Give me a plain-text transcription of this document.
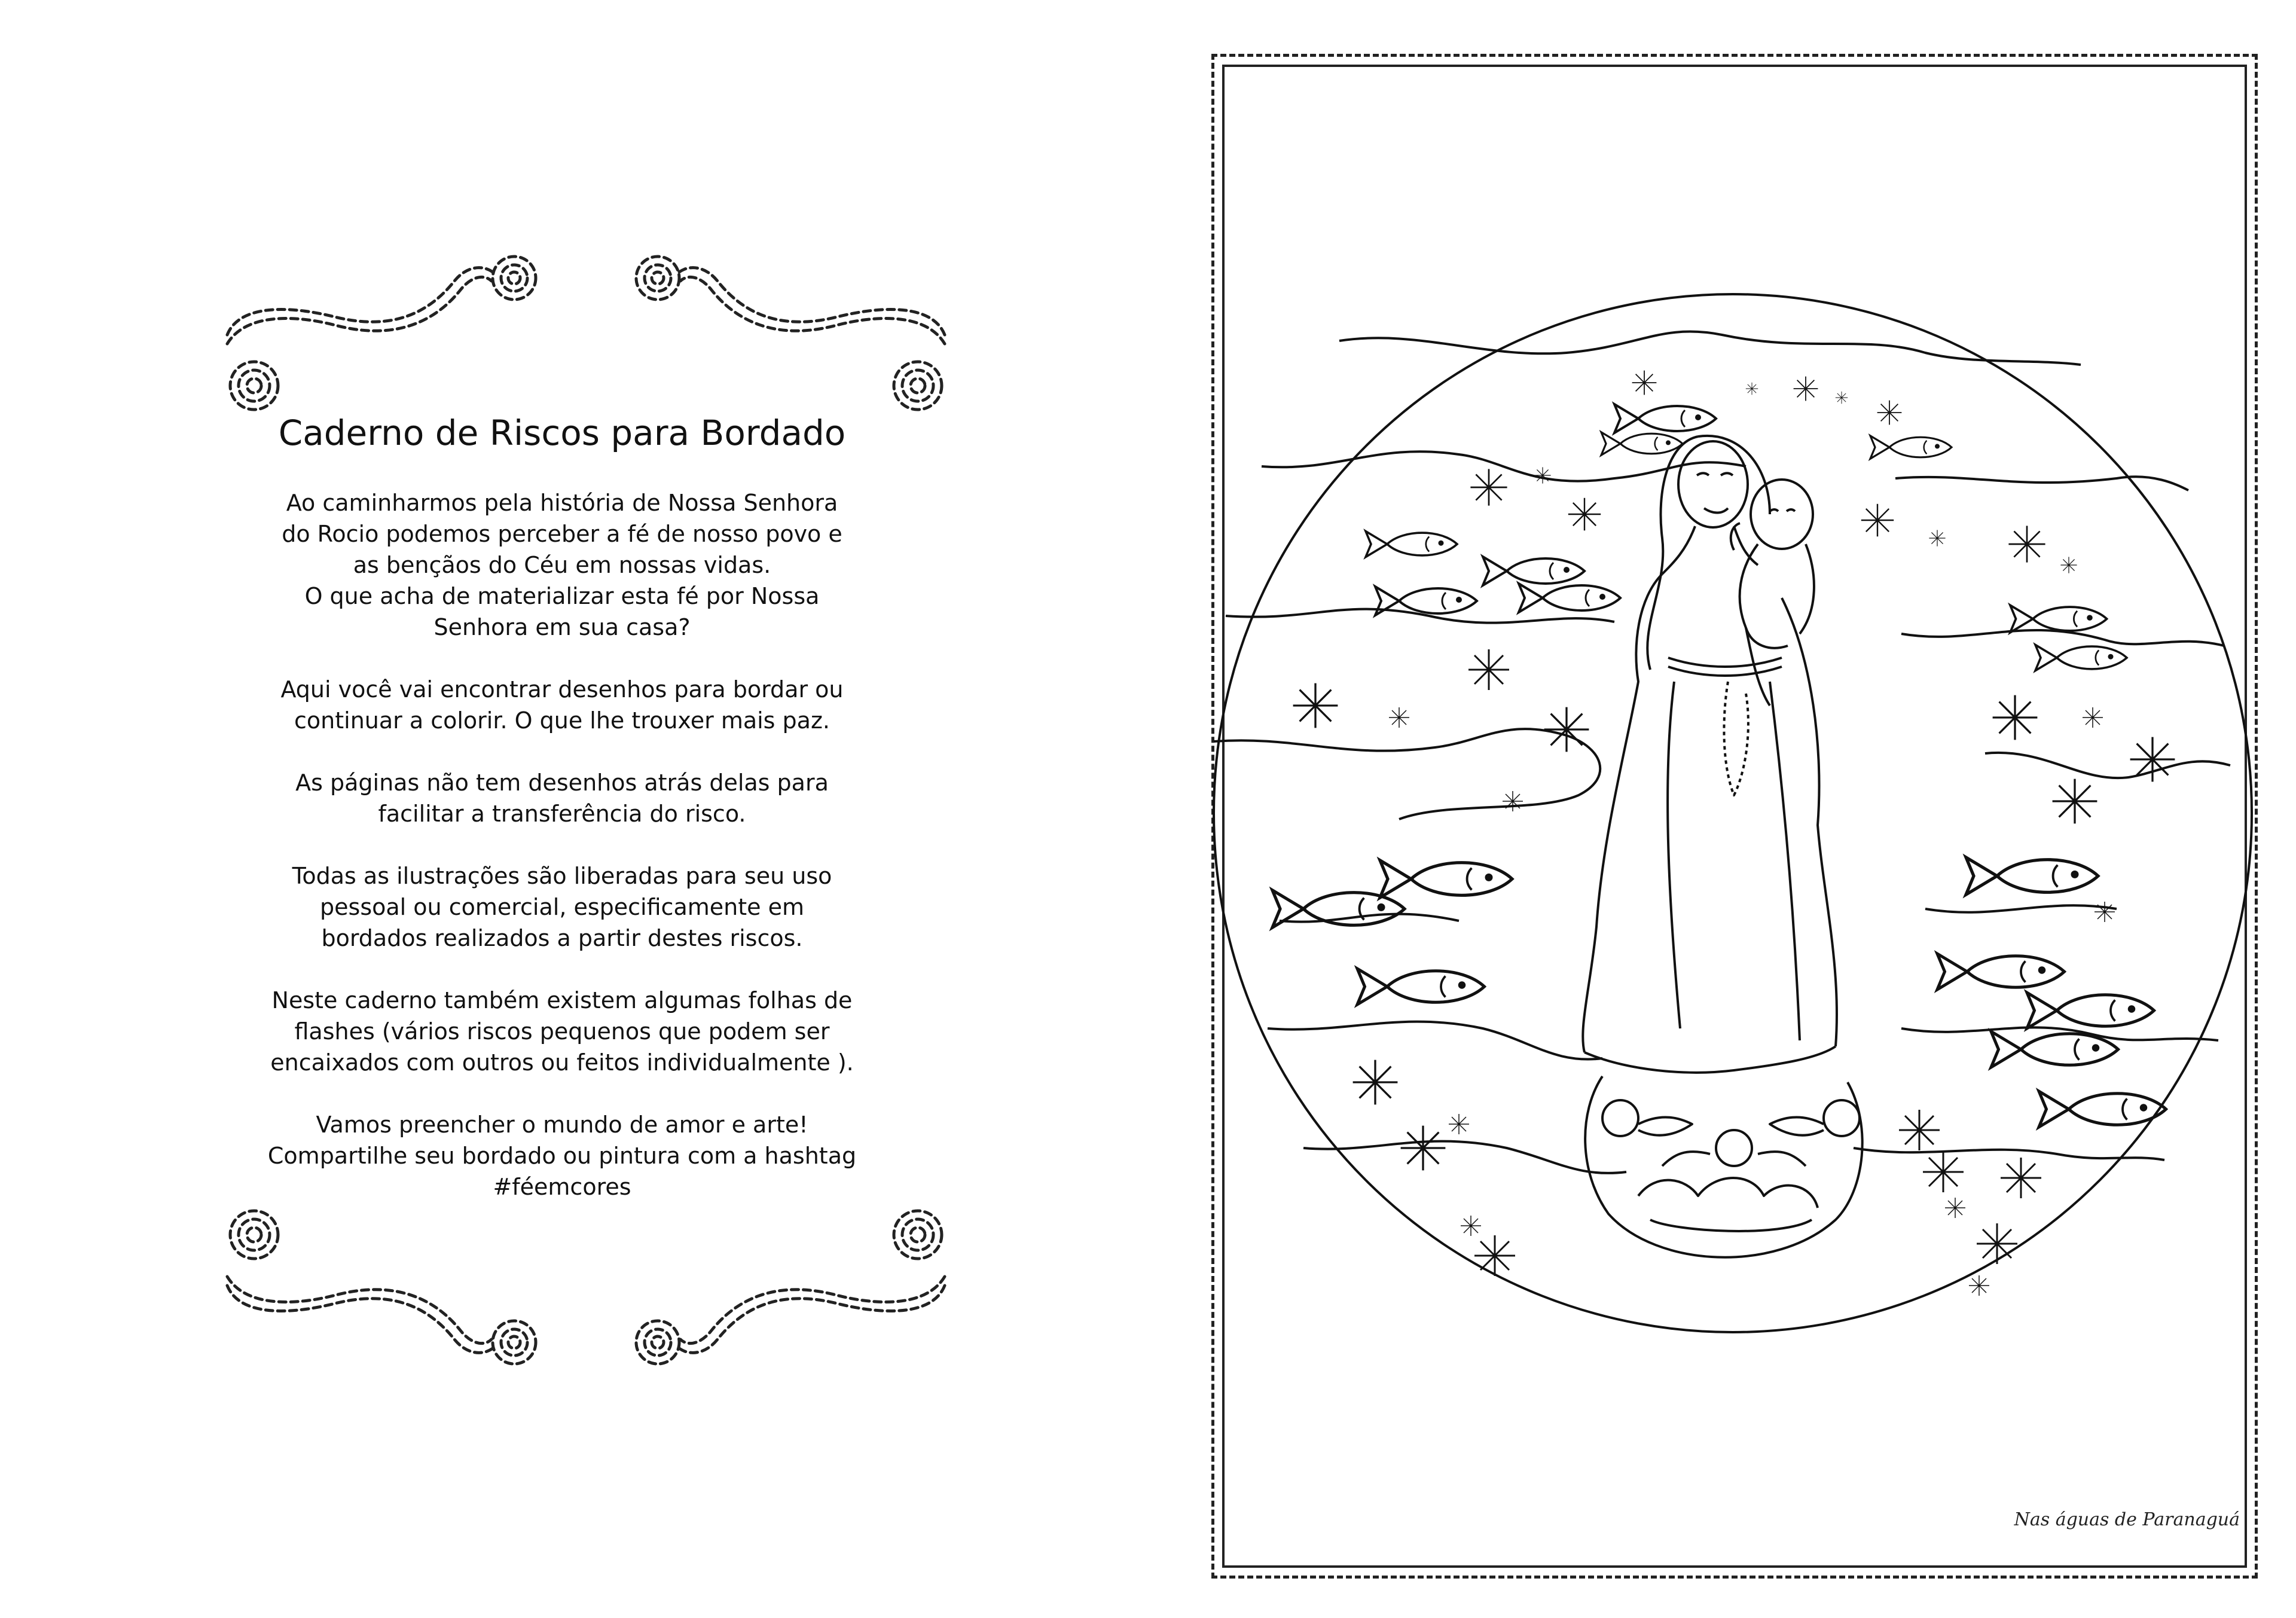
Caderno de Riscos para Bordado

Ao caminharmos pela história de Nossa Senhora
do Rocio podemos perceber a fé de nosso povo e
as bençãos do Céu em nossas vidas.
O que acha de materializar esta fé por Nossa
Senhora em sua casa?

Aqui você vai encontrar desenhos para bordar ou
continuar a colorir. O que lhe trouxer mais paz.

As páginas não tem desenhos atrás delas para
facilitar a transferência do risco.

Todas as ilustrações são liberadas para seu uso
pessoal ou comercial, especificamente em
bordados realizados a partir destes riscos.

Neste caderno também existem algumas folhas de
flashes (vários riscos pequenos que podem ser
encaixados com outros ou feitos individualmente ).

Vamos preencher o mundo de amor e arte!
Compartilhe seu bordado ou pintura com a hashtag
#féemcores

Nas águas de Paranaguá
